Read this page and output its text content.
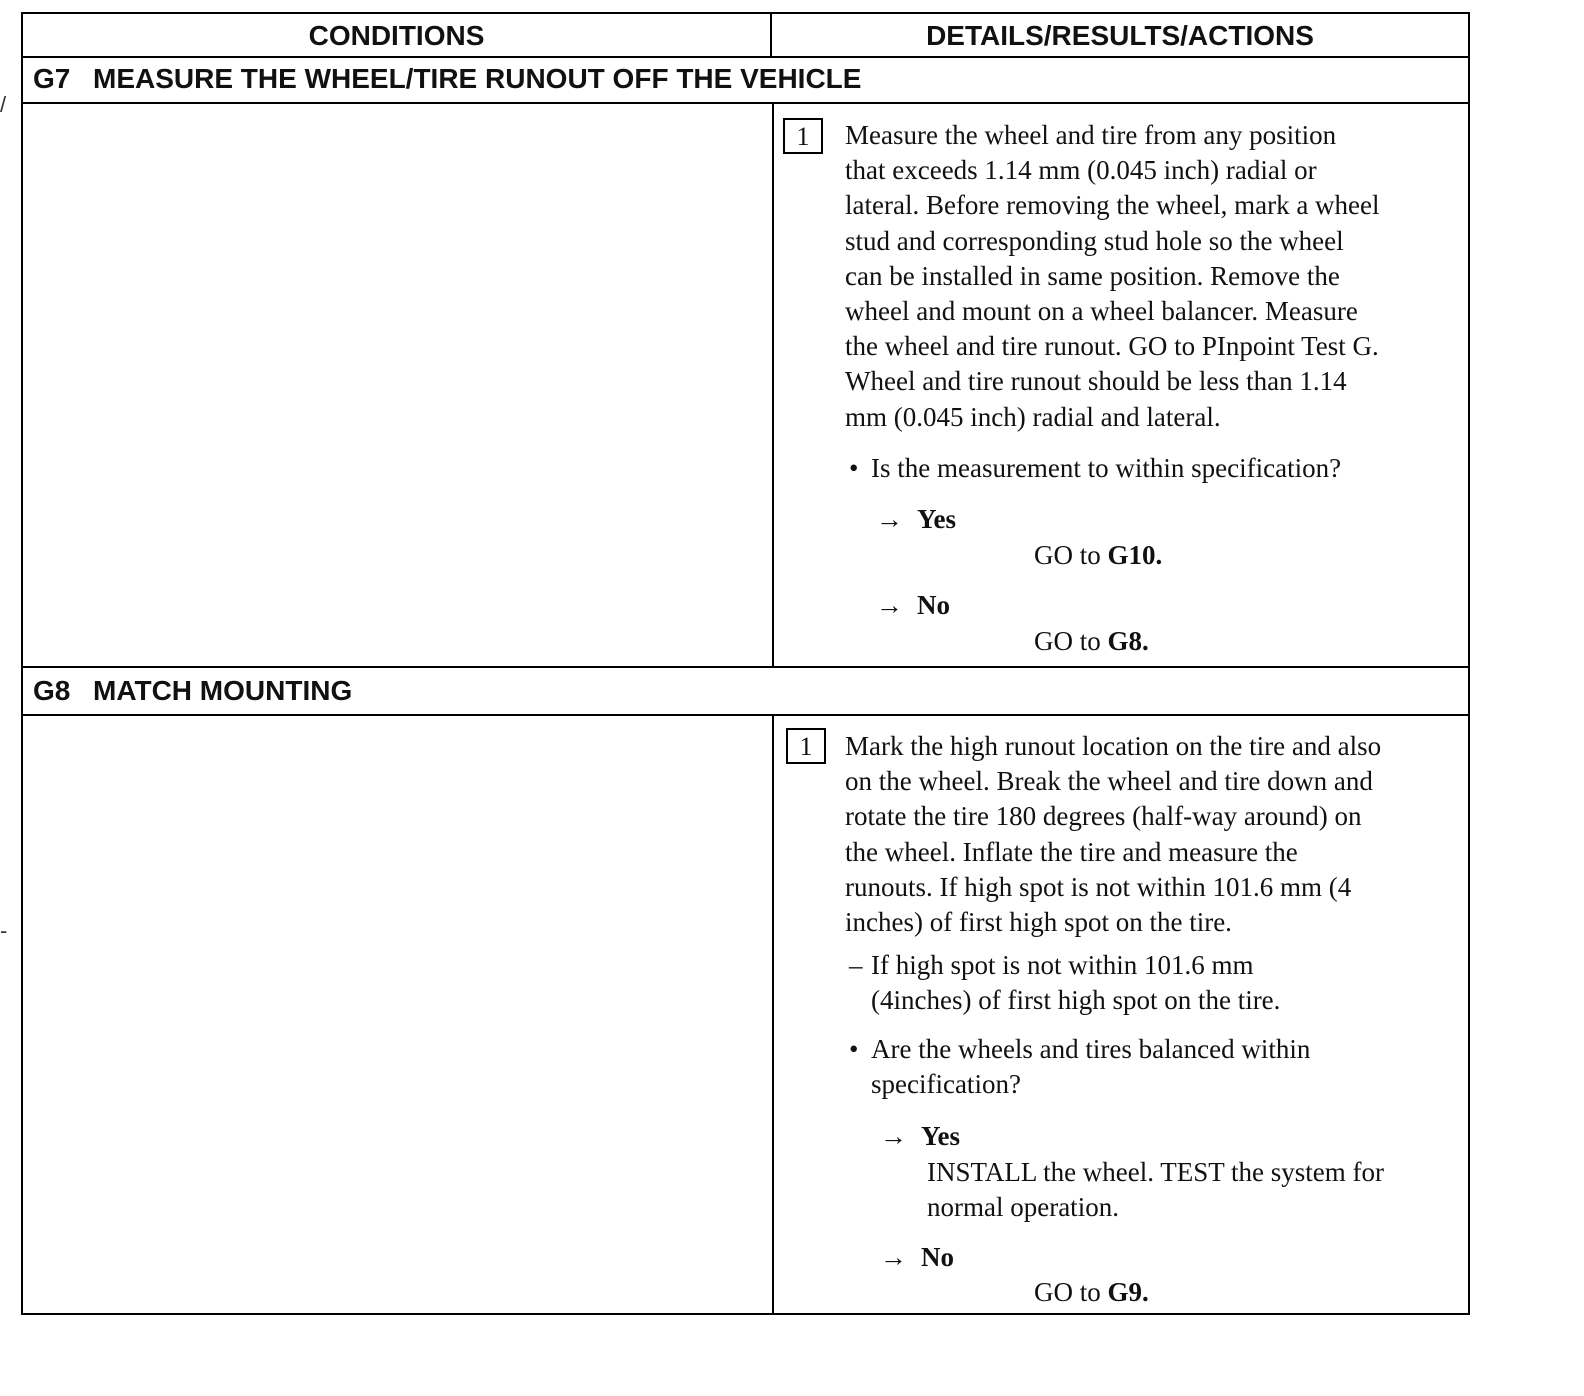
CONDITIONS	DETAILS/RESULTS/ACTIONS
G7 MEASURE THE WHEEL/TIRE RUNOUT OFF THE VEHICLE
1	Measure the wheel and tire from any position
that exceeds 1.14 mm (0.045 inch) radial or
lateral. Before removing the wheel, mark a wheel
stud and corresponding stud hole so the wheel
can be installed in same position. Remove the
wheel and mount on a wheel balancer. Measure
the wheel and tire runout. GO to PInpoint Test G.
Wheel and tire runout should be less than 1.14
mm (0.045 inch) radial and lateral.
• Is the measurement to within specification?
→ Yes
GO to G10.
→ No
GO to G8.
G8 MATCH MOUNTING
1	Mark the high runout location on the tire and also
on the wheel. Break the wheel and tire down and
rotate the tire 180 degrees (half-way around) on
the wheel. Inflate the tire and measure the
runouts. If high spot is not within 101.6 mm (4
inches) of first high spot on the tire.
– If high spot is not within 101.6 mm
(4inches) of first high spot on the tire.
• Are the wheels and tires balanced within
specification?
→ Yes
INSTALL the wheel. TEST the system for
normal operation.
→ No
GO to G9.
/
-
